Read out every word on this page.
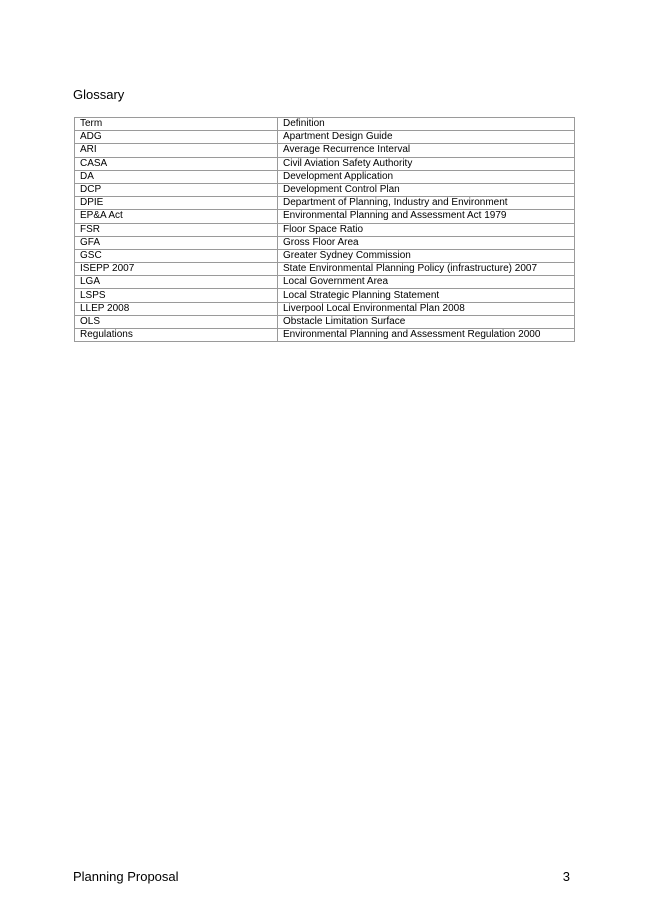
Glossary
Term	Definition
ADG	Apartment Design Guide
ARI	Average Recurrence Interval
CASA	Civil Aviation Safety Authority
DA	Development Application
DCP	Development Control Plan
DPIE	Department of Planning, Industry and Environment
EP&A Act	Environmental Planning and Assessment Act 1979
FSR	Floor Space Ratio
GFA	Gross Floor Area
GSC	Greater Sydney Commission
ISEPP 2007	State Environmental Planning Policy (infrastructure) 2007
LGA	Local Government Area
LSPS	Local Strategic Planning Statement
LLEP 2008	Liverpool Local Environmental Plan 2008
OLS	Obstacle Limitation Surface
Regulations	Environmental Planning and Assessment Regulation 2000
Planning Proposal	3
